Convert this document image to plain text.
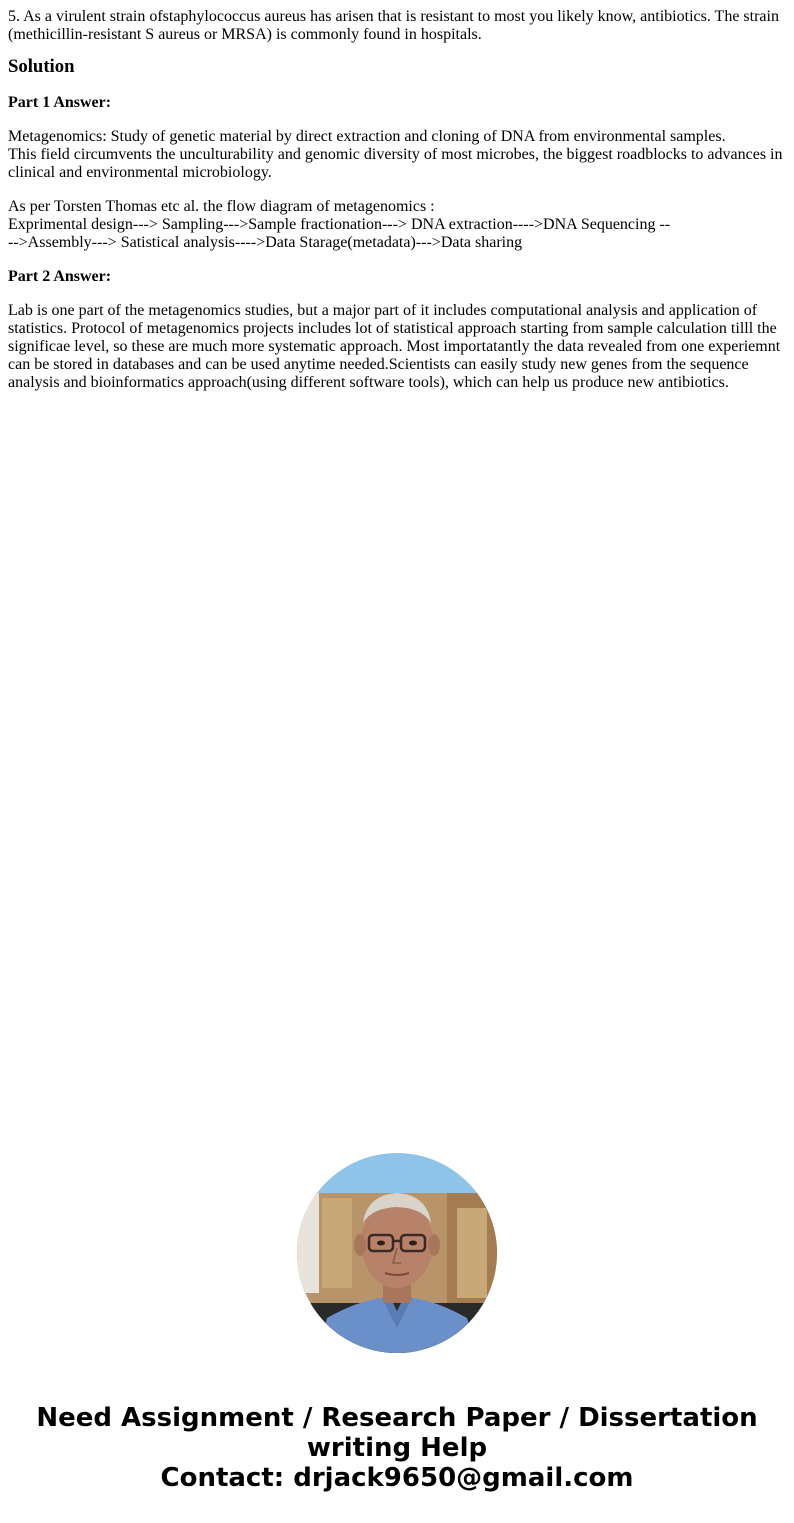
5. As a virulent strain ofstaphylococcus aureus has arisen that is resistant to most you likely know, antibiotics. The strain (methicillin-resistant S aureus or MRSA) is commonly found in hospitals.

Solution
Part 1 Answer:

Metagenomics: Study of genetic material by direct extraction and cloning of DNA from environmental samples.
This field circumvents the unculturability and genomic diversity of most microbes, the biggest roadblocks to advances in clinical and environmental microbiology.

As per Torsten Thomas etc al. the flow diagram of metagenomics :
Exprimental design---> Sampling--->Sample fractionation---> DNA extraction---->DNA Sequencing --
-->Assembly---> Satistical analysis---->Data Starage(metadata)--->Data sharing

Part 2 Answer:

Lab is one part of the metagenomics studies, but a major part of it includes computational analysis and application of statistics. Protocol of metagenomics projects includes lot of statistical approach starting from sample calculation tilll the significae level, so these are much more systematic approach. Most importatantly the data revealed from one experiemnt can be stored in databases and can be used anytime needed.Scientists can easily study new genes from the sequence analysis and bioinformatics approach(using different software tools), which can help us produce new antibiotics.

Need Assignment / Research Paper / Dissertation
writing Help
Contact: drjack9650@gmail.com
